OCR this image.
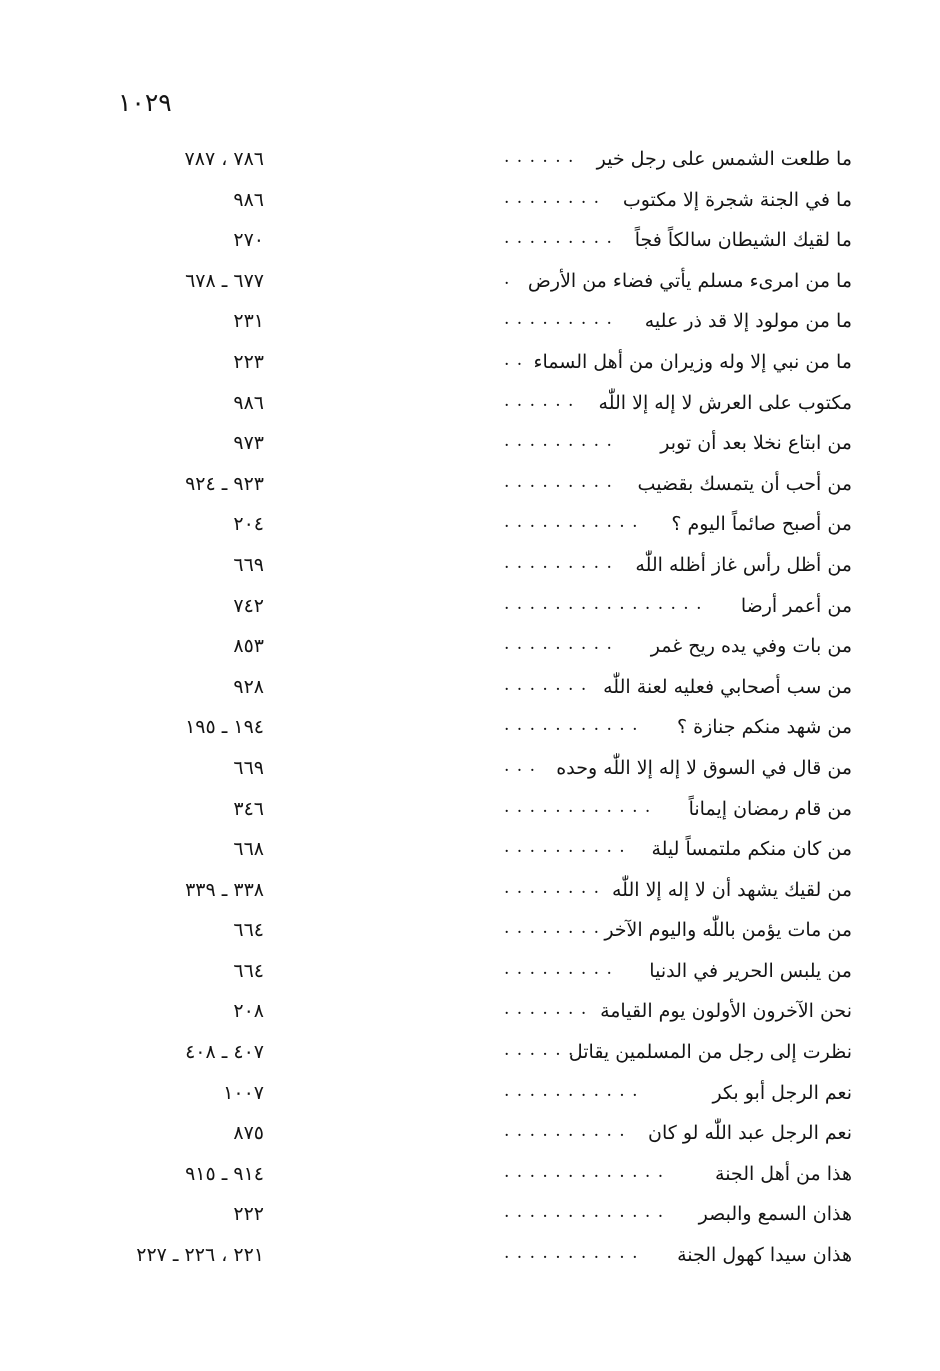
١٠٢٩
ما طلعت الشمس على رجل خير
. . . . . .
٧٨٦ ، ٧٨٧
ما في الجنة شجرة إلا مكتوب
. . . . . . . .
٩٨٦
ما لقيك الشيطان سالكاً فجاً
. . . . . . . . .
٢٧٠
ما من امرىء مسلم يأتي فضاء من الأرض
.
٦٧٧ ـ ٦٧٨
ما من مولود إلا قد ذر عليه
. . . . . . . . .
٢٣١
ما من نبي إلا وله وزيران من أهل السماء
. .
٢٢٣
مكتوب على العرش لا إله إلا اللّٰه
. . . . . .
٩٨٦
من ابتاع نخلا بعد أن توبر
. . . . . . . . .
٩٧٣
من أحب أن يتمسك بقضيب
. . . . . . . . .
٩٢٣ ـ ٩٢٤
من أصبح صائماً اليوم ؟
. . . . . . . . . . .
٢٠٤
من أظل رأس غاز أظله اللّٰه
. . . . . . . . .
٦٦٩
من أعمر أرضا
. . . . . . . . . . . . . . . .
٧٤٢
من بات وفي يده ريح غمر
. . . . . . . . .
٨٥٣
من سب أصحابي فعليه لعنة اللّٰه
. . . . . . .
٩٢٨
من شهد منكم جنازة ؟
. . . . . . . . . . .
١٩٤ ـ ١٩٥
من قال في السوق لا إله إلا اللّٰه وحده
. . .
٦٦٩
من قام رمضان إيماناً
. . . . . . . . . . . .
٣٤٦
من كان منكم ملتمساً ليلة
. . . . . . . . . .
٦٦٨
من لقيك يشهد أن لا إله إلا اللّٰه
. . . . . . . .
٣٣٨ ـ ٣٣٩
من مات يؤمن باللّٰه واليوم الآخر
. . . . . . . .
٦٦٤
من يلبس الحرير في الدنيا
. . . . . . . . .
٦٦٤
نحن الآخرون الأولون يوم القيامة
. . . . . . .
٢٠٨
نظرت إلى رجل من المسلمين يقاتل
. . . . . .
٤٠٧ ـ ٤٠٨
نعم الرجل أبو بكر
. . . . . . . . . . .
١٠٠٧
نعم الرجل عبد اللّٰه لو كان
. . . . . . . . . .
٨٧٥
هذا من أهل الجنة
. . . . . . . . . . . . .
٩١٤ ـ ٩١٥
هذان السمع والبصر
. . . . . . . . . . . . .
٢٢٢
هذان سيدا كهول الجنة
. . . . . . . . . . .
٢٢١ ، ٢٢٦ ـ ٢٢٧
